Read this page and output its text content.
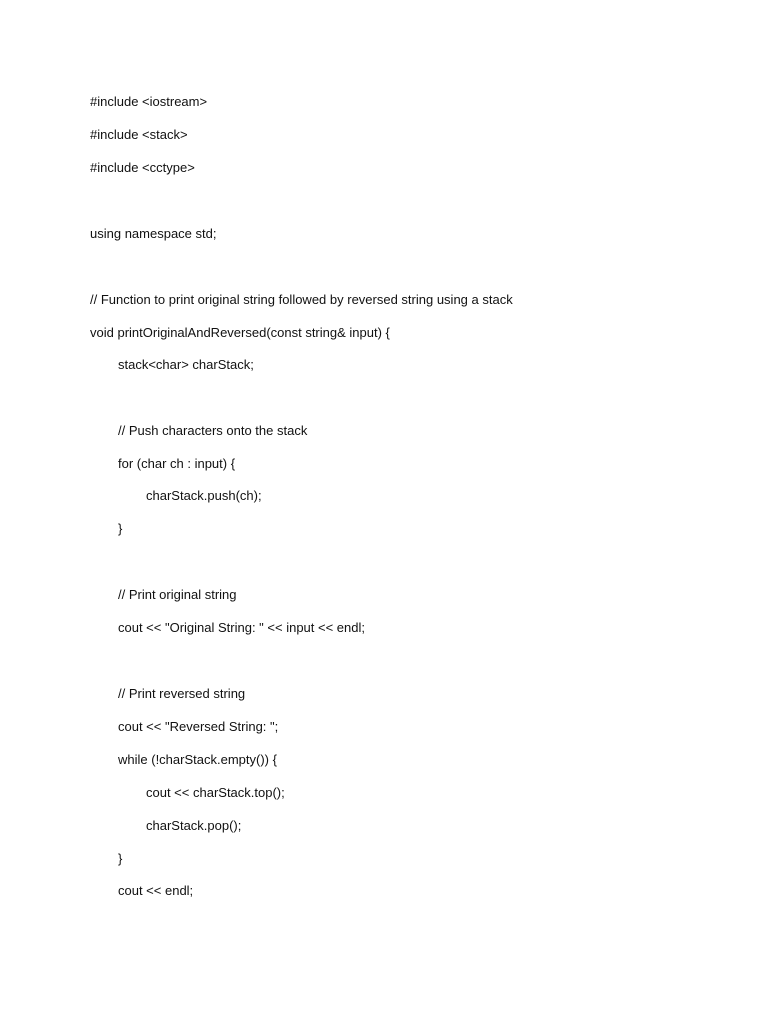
#include <iostream>

#include <stack>

#include <cctype>

using namespace std;

// Function to print original string followed by reversed string using a stack

void printOriginalAndReversed(const string& input) {

stack<char> charStack;

// Push characters onto the stack

for (char ch : input) {

charStack.push(ch);

}

// Print original string

cout << "Original String: " << input << endl;

// Print reversed string

cout << "Reversed String: ";

while (!charStack.empty()) {

cout << charStack.top();

charStack.pop();

}

cout << endl;
